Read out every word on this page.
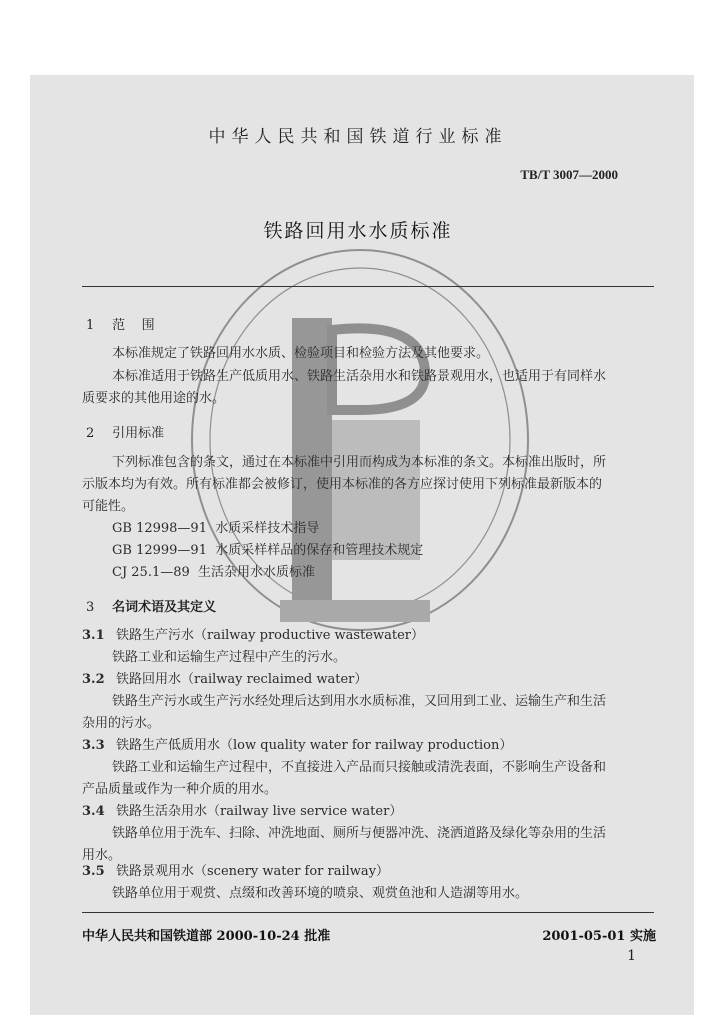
中华人民共和国铁道行业标准
TB/T 3007—2000
铁路回用水水质标准
1 范    围
本标准规定了铁路回用水水质、检验项目和检验方法及其他要求。
本标准适用于铁路生产低质用水、铁路生活杂用水和铁路景观用水，也适用于有同样水
质要求的其他用途的水。
2 引用标准
下列标准包含的条文，通过在本标准中引用而构成为本标准的条文。本标准出版时，所
示版本均为有效。所有标准都会被修订，使用本标准的各方应探讨使用下列标准最新版本的
可能性。
GB 12998—91  水质采样技术指导
GB 12999—91  水质采样样品的保存和管理技术规定
CJ 25.1—89  生活杂用水水质标准
3 名词术语及其定义
3.1 铁路生产污水（railway productive wastewater）
铁路工业和运输生产过程中产生的污水。
3.2 铁路回用水（railway reclaimed water）
铁路生产污水或生产污水经处理后达到用水水质标准，又回用到工业、运输生产和生活
杂用的污水。
3.3 铁路生产低质用水（low quality water for railway production）
铁路工业和运输生产过程中，不直接进入产品而只接触或清洗表面，不影响生产设备和
产品质量或作为一种介质的用水。
3.4 铁路生活杂用水（railway live service water）
铁路单位用于洗车、扫除、冲洗地面、厕所与便器冲洗、浇洒道路及绿化等杂用的生活
用水。
3.5 铁路景观用水（scenery water for railway）
铁路单位用于观赏、点缀和改善环境的喷泉、观赏鱼池和人造湖等用水。
中华人民共和国铁道部 2000-10-24 批准	2001-05-01 实施
1
